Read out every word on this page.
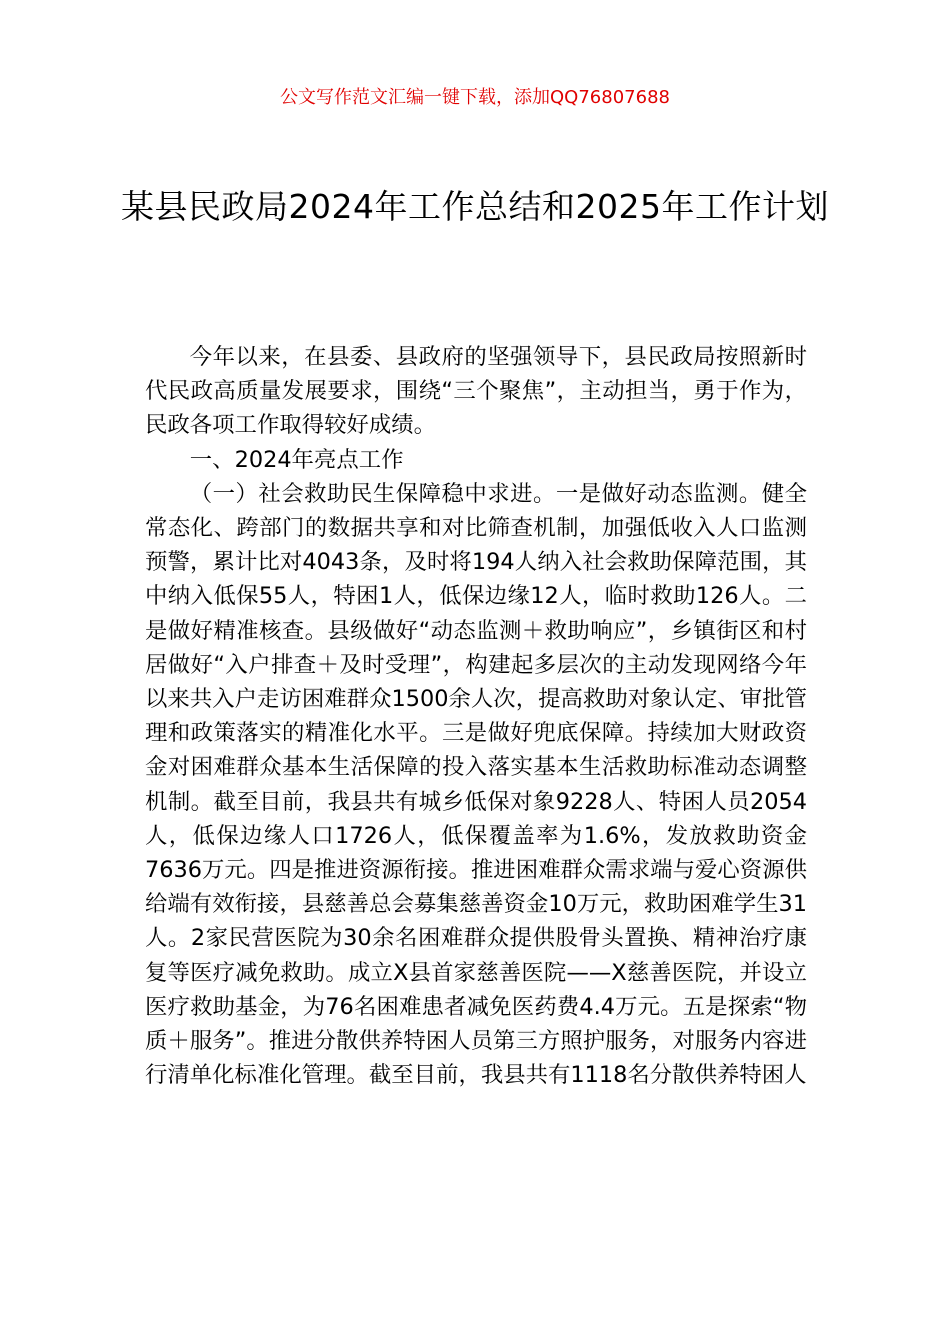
公文写作范文汇编一键下载，添加QQ76807688
某县民政局2024年工作总结和2025年工作计划

今年以来，在县委、县政府的坚强领导下，县民政局按照新时代民政高质量发展要求，围绕“三个聚焦”，主动担当，勇于作为，民政各项工作取得较好成绩。

一、2024年亮点工作

（一）社会救助民生保障稳中求进。一是做好动态监测。健全常态化、跨部门的数据共享和对比筛查机制，加强低收入人口监测预警，累计比对4043条，及时将194人纳入社会救助保障范围，其中纳入低保55人，特困1人，低保边缘12人，临时救助126人。二是做好精准核查。县级做好“动态监测＋救助响应”，乡镇街区和村居做好“入户排查＋及时受理”，构建起多层次的主动发现网络今年以来共入户走访困难群众1500余人次，提高救助对象认定、审批管理和政策落实的精准化水平。三是做好兜底保障。持续加大财政资金对困难群众基本生活保障的投入落实基本生活救助标准动态调整机制。截至目前，我县共有城乡低保对象9228人、特困人员2054人，低保边缘人口1726人，低保覆盖率为1.6%，发放救助资金7636万元。四是推进资源衔接。推进困难群众需求端与爱心资源供给端有效衔接，县慈善总会募集慈善资金10万元，救助困难学生31人。2家民营医院为30余名困难群众提供股骨头置换、精神治疗康复等医疗减免救助。成立X县首家慈善医院——X慈善医院，并设立医疗救助基金，为76名困难患者减免医药费4.4万元。五是探索“物质＋服务”。推进分散供养特困人员第三方照护服务，对服务内容进行清单化标准化管理。截至目前，我县共有1118名分散供养特困人
